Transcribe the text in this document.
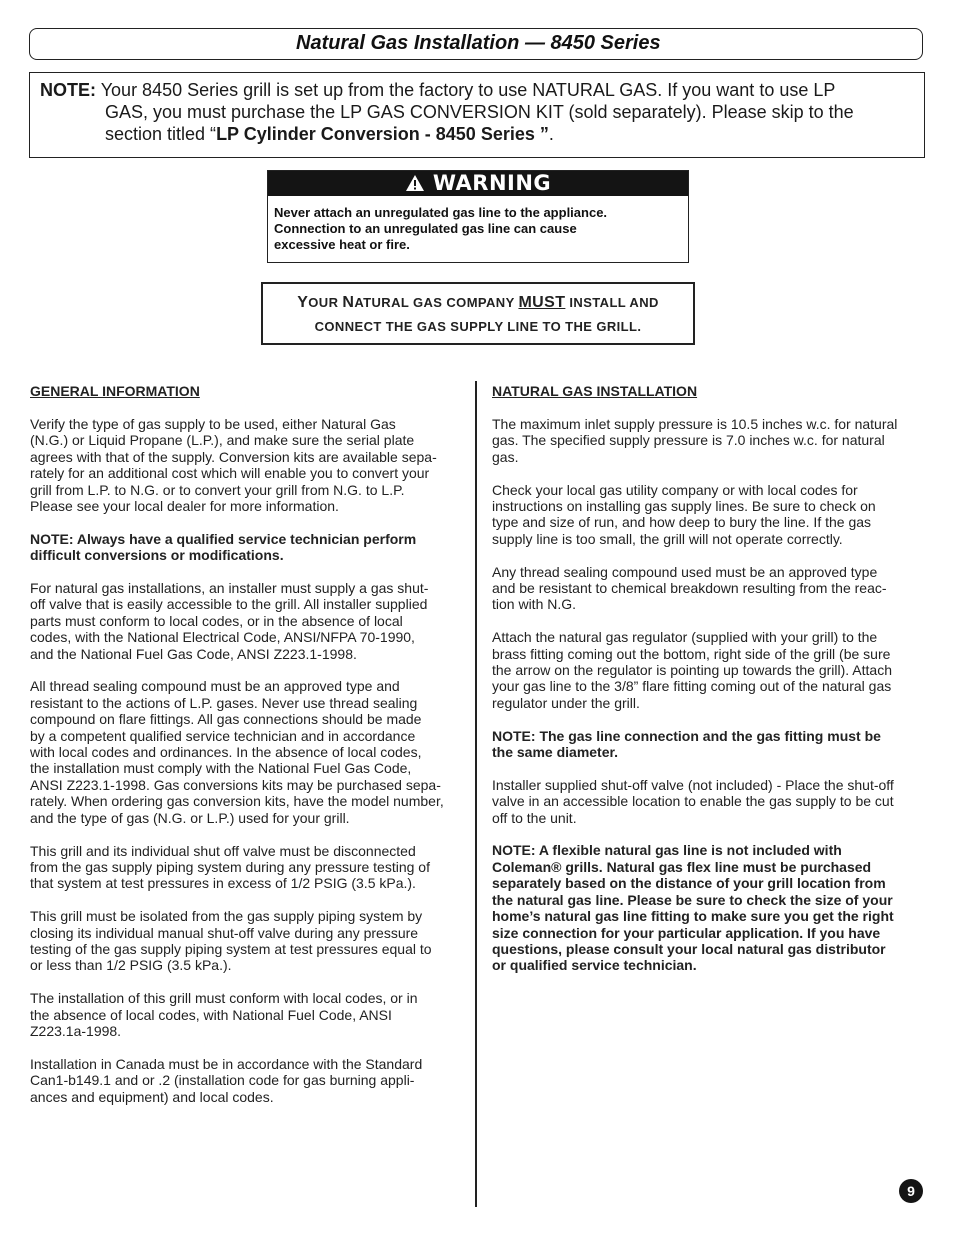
Natural Gas Installation — 8450 Series
NOTE: Your 8450 Series grill is set up from the factory to use NATURAL GAS. If you want to use LP
GAS, you must purchase the LP GAS CONVERSION KIT (sold separately). Please skip to the
section titled “LP Cylinder Conversion - 8450 Series ”.
WARNING
Never attach an unregulated gas line to the appliance.
Connection to an unregulated gas line can cause
excessive heat or fire.
YOUR NATURAL GAS COMPANY MUST INSTALL AND
CONNECT THE GAS SUPPLY LINE TO THE GRILL.
GENERAL INFORMATION

Verify the type of gas supply to be used, either Natural Gas
(N.G.) or Liquid Propane (L.P.), and make sure the serial plate
agrees with that of the supply. Conversion kits are available sepa-
rately for an additional cost which will enable you to convert your
grill from L.P. to N.G. or to convert your grill from N.G. to L.P.
Please see your local dealer for more information.

NOTE: Always have a qualified service technician perform
difficult conversions or modifications.

For natural gas installations, an installer must supply a gas shut-
off valve that is easily accessible to the grill. All installer supplied
parts must conform to local codes, or in the absence of local
codes, with the National Electrical Code, ANSI/NFPA 70-1990,
and the National Fuel Gas Code, ANSI Z223.1-1998.

All thread sealing compound must be an approved type and
resistant to the actions of L.P. gases. Never use thread sealing
compound on flare fittings. All gas connections should be made
by a competent qualified service technician and in accordance
with local codes and ordinances. In the absence of local codes,
the installation must comply with the National Fuel Gas Code,
ANSI Z223.1-1998. Gas conversions kits may be purchased sepa-
rately. When ordering gas conversion kits, have the model number,
and the type of gas (N.G. or L.P.) used for your grill.

This grill and its individual shut off valve must be disconnected
from the gas supply piping system during any pressure testing of
that system at test pressures in excess of 1/2 PSIG (3.5 kPa.).

This grill must be isolated from the gas supply piping system by
closing its individual manual shut-off valve during any pressure
testing of the gas supply piping system at test pressures equal to
or less than 1/2 PSIG (3.5 kPa.).

The installation of this grill must conform with local codes, or in
the absence of local codes, with National Fuel Code, ANSI
Z223.1a-1998.

Installation in Canada must be in accordance with the Standard
Can1-b149.1 and or .2 (installation code for gas burning appli-
ances and equipment) and local codes.

NATURAL GAS INSTALLATION

The maximum inlet supply pressure is 10.5 inches w.c. for natural
gas. The specified supply pressure is 7.0 inches w.c. for natural
gas.

Check your local gas utility company or with local codes for
instructions on installing gas supply lines. Be sure to check on
type and size of run, and how deep to bury the line. If the gas
supply line is too small, the grill will not operate correctly.

Any thread sealing compound used must be an approved type
and be resistant to chemical breakdown resulting from the reac-
tion with N.G.

Attach the natural gas regulator (supplied with your grill) to the
brass fitting coming out the bottom, right side of the grill (be sure
the arrow on the regulator is pointing up towards the grill). Attach
your gas line to the 3/8” flare fitting coming out of the natural gas
regulator under the grill.

NOTE: The gas line connection and the gas fitting must be
the same diameter.

Installer supplied shut-off valve (not included) - Place the shut-off
valve in an accessible location to enable the gas supply to be cut
off to the unit.

NOTE: A flexible natural gas line is not included with
Coleman® grills. Natural gas flex line must be purchased
separately based on the distance of your grill location from
the natural gas line. Please be sure to check the size of your
home’s natural gas line fitting to make sure you get the right
size connection for your particular application. If you have
questions, please consult your local natural gas distributor
or qualified service technician.

9
